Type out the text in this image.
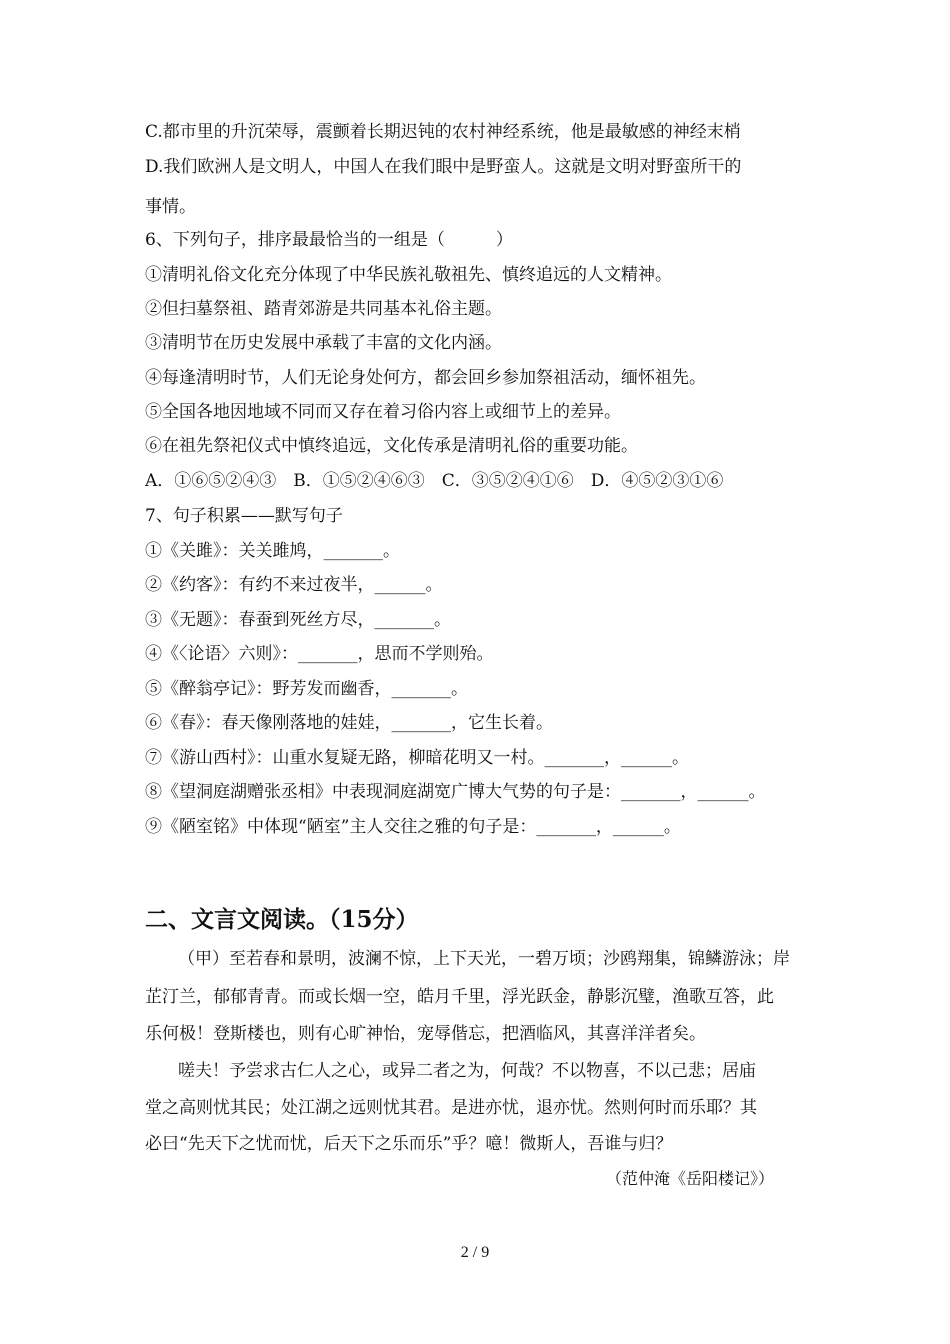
C.都市里的升沉荣辱，震颤着长期迟钝的农村神经系统，他是最敏感的神经末梢
D.我们欧洲人是文明人，中国人在我们眼中是野蛮人。这就是文明对野蛮所干的
事情。
6、下列句子，排序最最恰当的一组是（　　　）
①清明礼俗文化充分体现了中华民族礼敬祖先、慎终追远的人文精神。
②但扫墓祭祖、踏青郊游是共同基本礼俗主题。
③清明节在历史发展中承载了丰富的文化内涵。
④每逢清明时节，人们无论身处何方，都会回乡参加祭祖活动，缅怀祖先。
⑤全国各地因地域不同而又存在着习俗内容上或细节上的差异。
⑥在祖先祭祀仪式中慎终追远，文化传承是清明礼俗的重要功能。
A．①⑥⑤②④③　B．①⑤②④⑥③　C．③⑤②④①⑥　D．④⑤②③①⑥
7、句子积累——默写句子
①《关雎》：关关雎鸠，_______。
②《约客》：有约不来过夜半，______。
③《无题》：春蚕到死丝方尽，_______。
④《〈论语〉六则》：_______，思而不学则殆。
⑤《醉翁亭记》：野芳发而幽香，_______。
⑥《春》：春天像刚落地的娃娃，_______，它生长着。
⑦《游山西村》：山重水复疑无路，柳暗花明又一村。_______，______。
⑧《望洞庭湖赠张丞相》中表现洞庭湖宽广博大气势的句子是：_______，______。
⑨《陋室铭》中体现“陋室”主人交往之雅的句子是：_______，______。
二、文言文阅读。（15分）
（甲）至若春和景明，波澜不惊，上下天光，一碧万顷；沙鸥翔集，锦鳞游泳；岸
芷汀兰，郁郁青青。而或长烟一空，皓月千里，浮光跃金，静影沉璧，渔歌互答，此
乐何极！登斯楼也，则有心旷神怡，宠辱偕忘，把酒临风，其喜洋洋者矣。
嗟夫！予尝求古仁人之心，或异二者之为，何哉？不以物喜，不以己悲；居庙
堂之高则忧其民；处江湖之远则忧其君。是进亦忧，退亦忧。然则何时而乐耶？其
必曰“先天下之忧而忧，后天下之乐而乐”乎？噫！微斯人，吾谁与归？
（范仲淹《岳阳楼记》）
2 / 9
